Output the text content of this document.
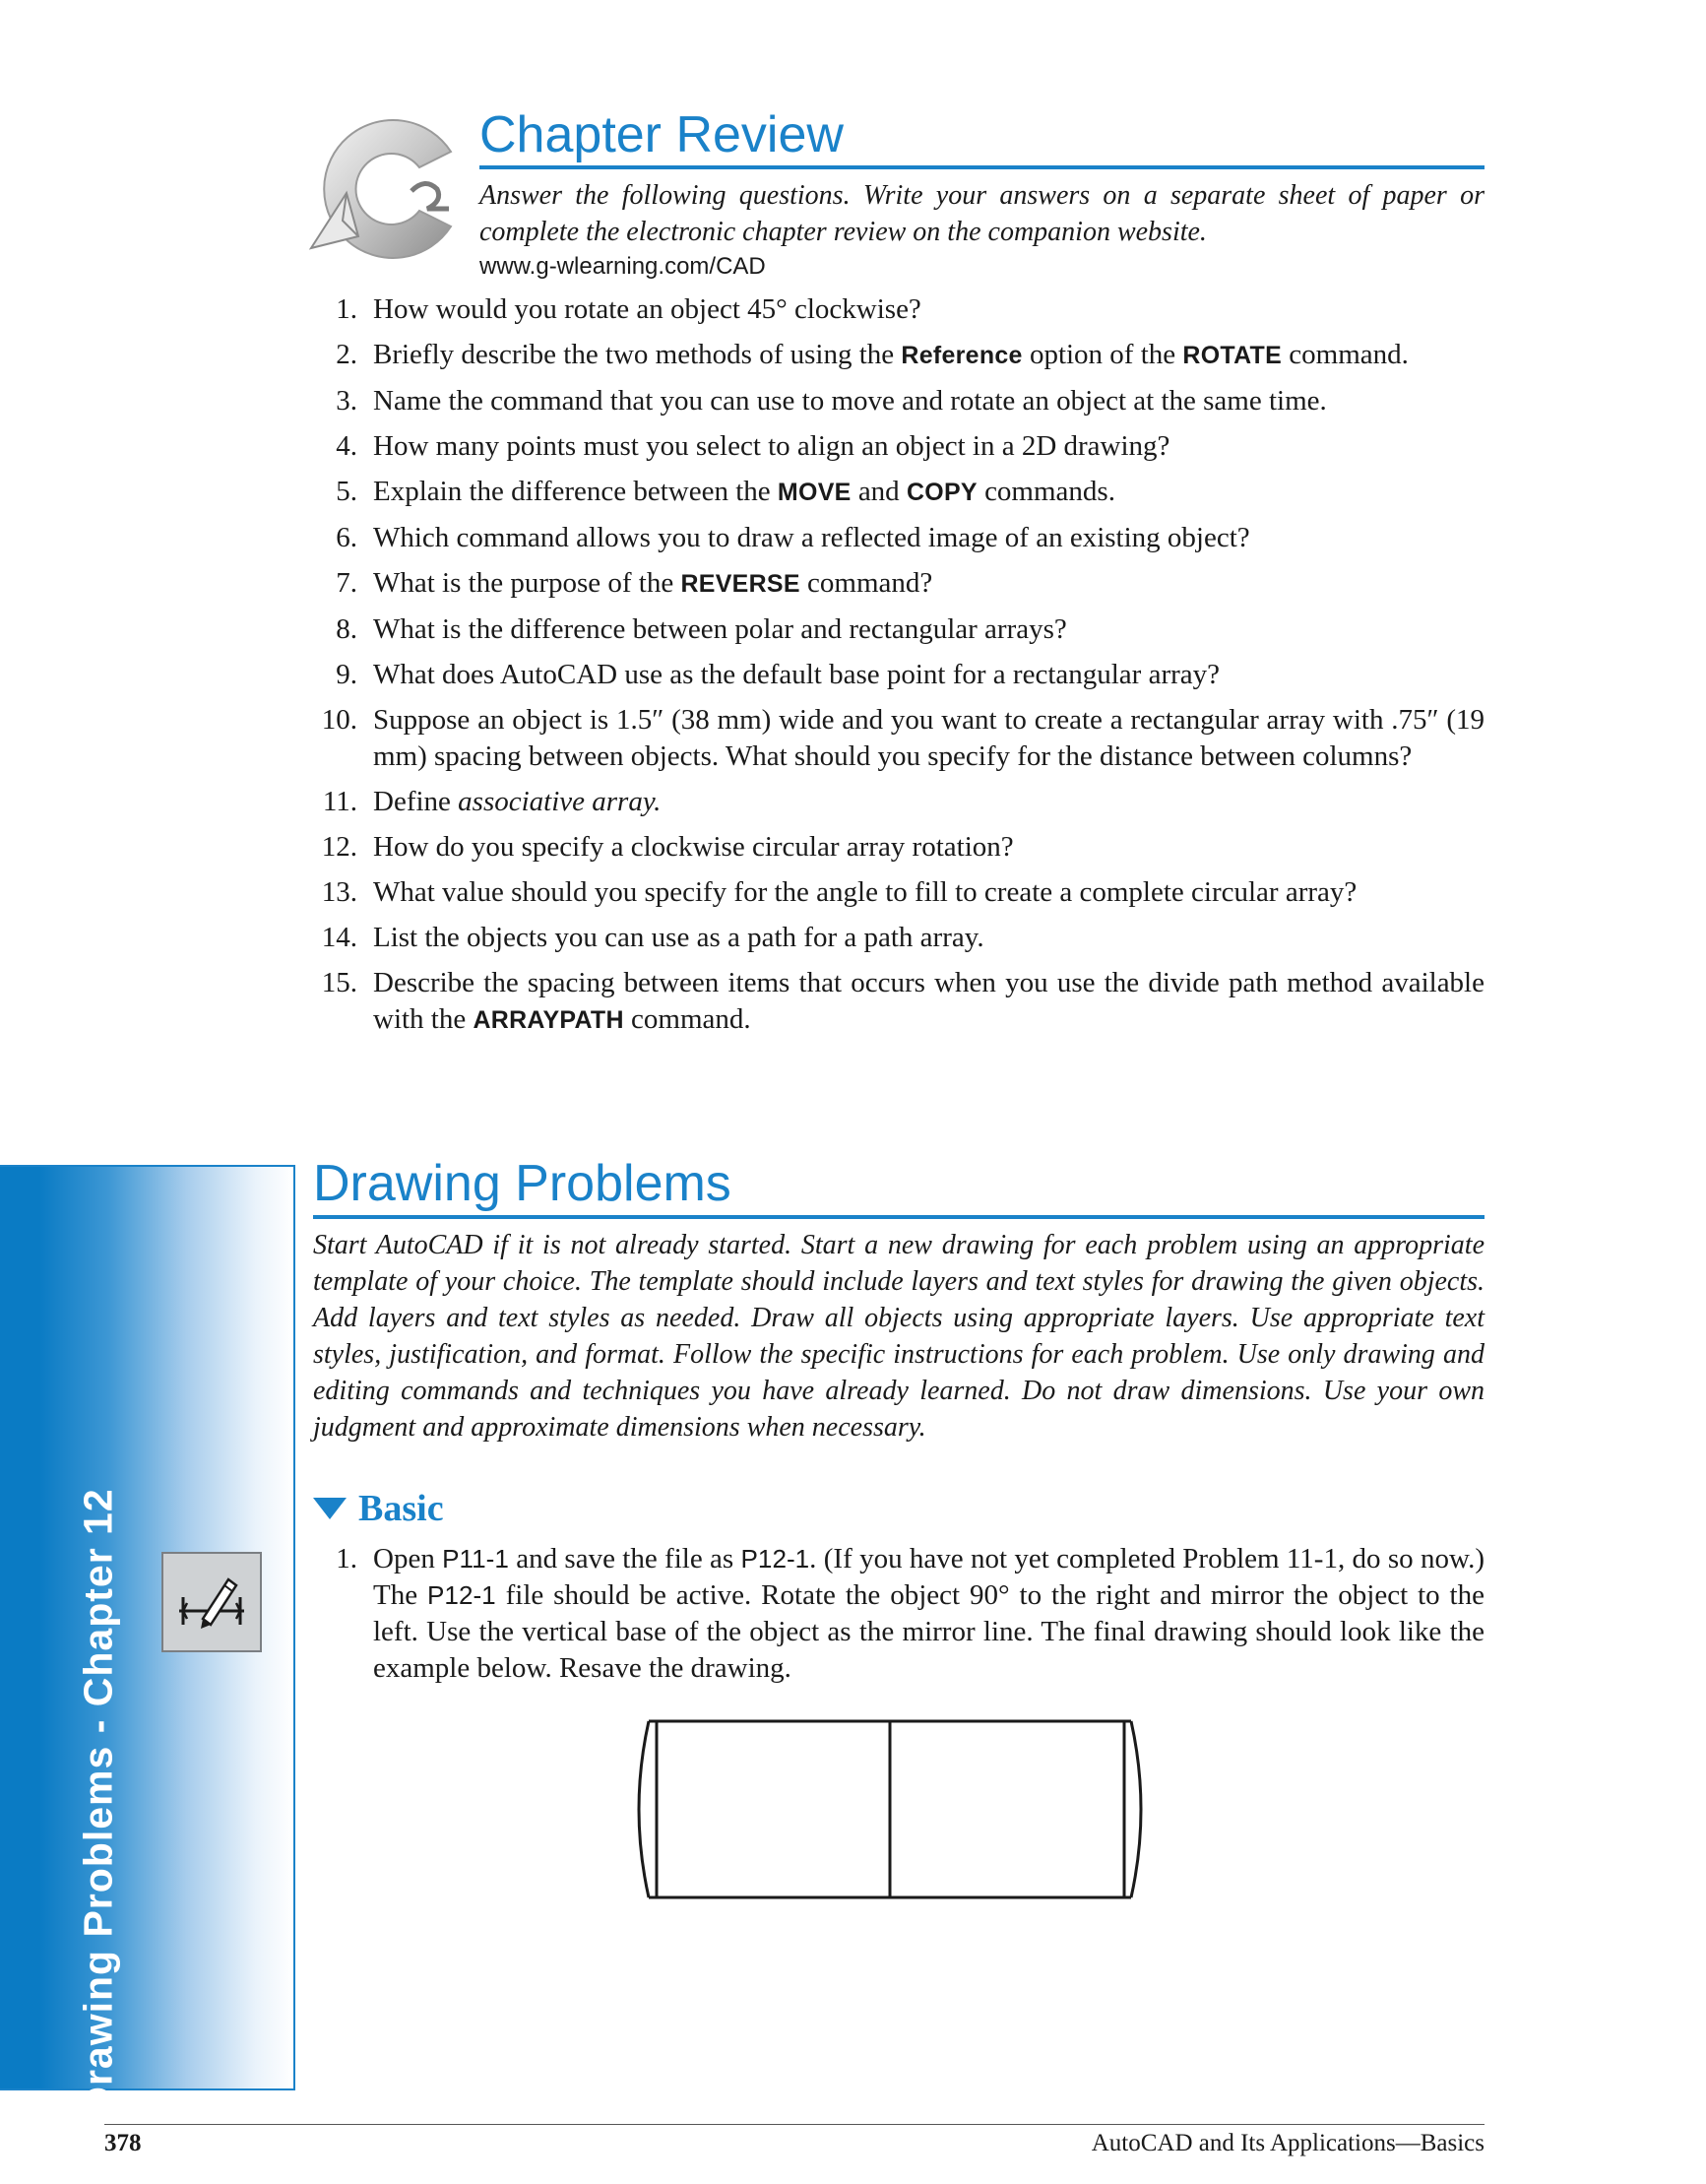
Chapter Review

Answer the following questions. Write your answers on a separate sheet of paper or complete the electronic chapter review on the companion website.

www.g-wlearning.com/CAD
1. How would you rotate an object 45° clockwise?
2. Briefly describe the two methods of using the Reference option of the ROTATE command.
3. Name the command that you can use to move and rotate an object at the same time.
4. How many points must you select to align an object in a 2D drawing?
5. Explain the difference between the MOVE and COPY commands.
6. Which command allows you to draw a reflected image of an existing object?
7. What is the purpose of the REVERSE command?
8. What is the difference between polar and rectangular arrays?
9. What does AutoCAD use as the default base point for a rectangular array?
10. Suppose an object is 1.5″ (38 mm) wide and you want to create a rectangular array with .75″ (19 mm) spacing between objects. What should you specify for the distance between columns?
11. Define associative array.
12. How do you specify a clockwise circular array rotation?
13. What value should you specify for the angle to fill to create a complete circular array?
14. List the objects you can use as a path for a path array.
15. Describe the spacing between items that occurs when you use the divide path method available with the ARRAYPATH command.
Drawing Problems - Chapter 12
Drawing Problems

Start AutoCAD if it is not already started. Start a new drawing for each problem using an appropriate template of your choice. The template should include layers and text styles for drawing the given objects. Add layers and text styles as needed. Draw all objects using appropriate layers. Use appropriate text styles, justification, and format. Follow the specific instructions for each problem. Use only drawing and editing commands and techniques you have already learned. Do not draw dimensions. Use your own judgment and approximate dimensions when necessary.

Basic
1. Open P11-1 and save the file as P12-1. (If you have not yet completed Problem 11-1, do so now.) The P12-1 file should be active. Rotate the object 90° to the right and mirror the object to the left. Use the vertical base of the object as the mirror line. The final drawing should look like the example below. Resave the drawing.
378	AutoCAD and Its Applications—Basics
